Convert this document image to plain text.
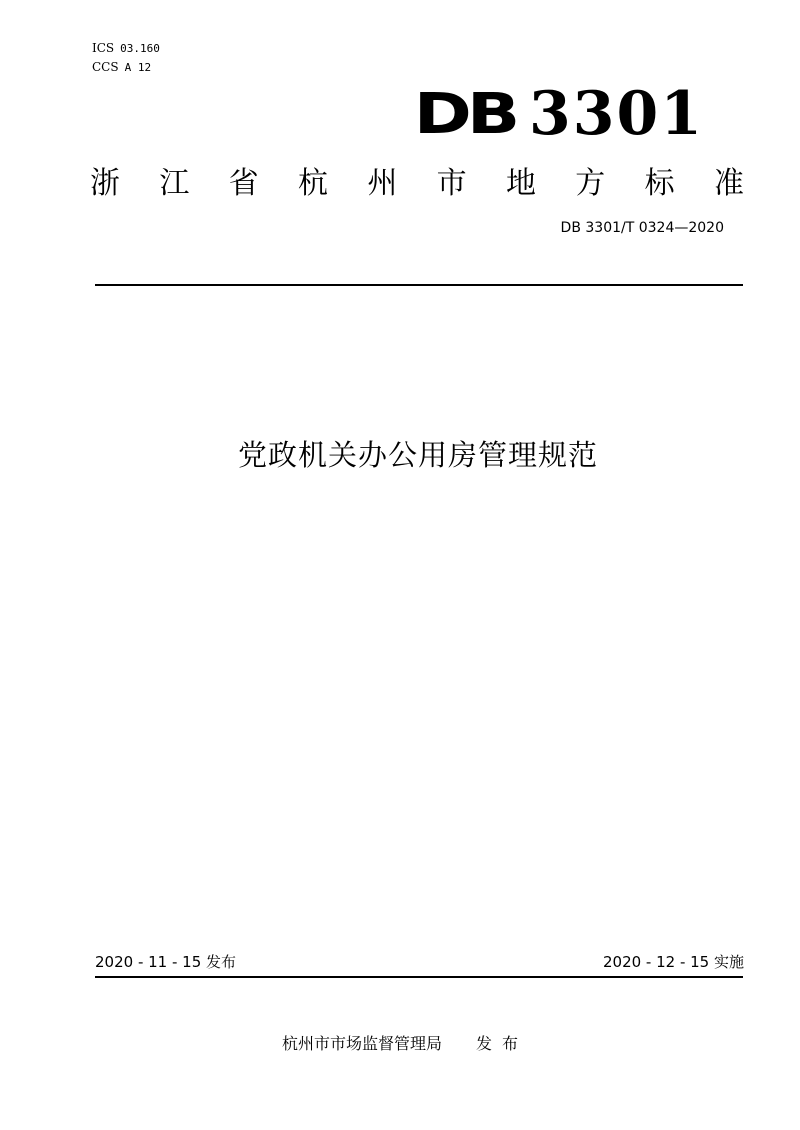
ICS 03.160
CCS A 12
DB 3301
浙 江 省 杭 州 市 地 方 标 准
DB 3301/T 0324—2020
党政机关办公用房管理规范
2020 - 11 - 15 发布	2020 - 12 - 15 实施
杭州市市场监督管理局 发布
